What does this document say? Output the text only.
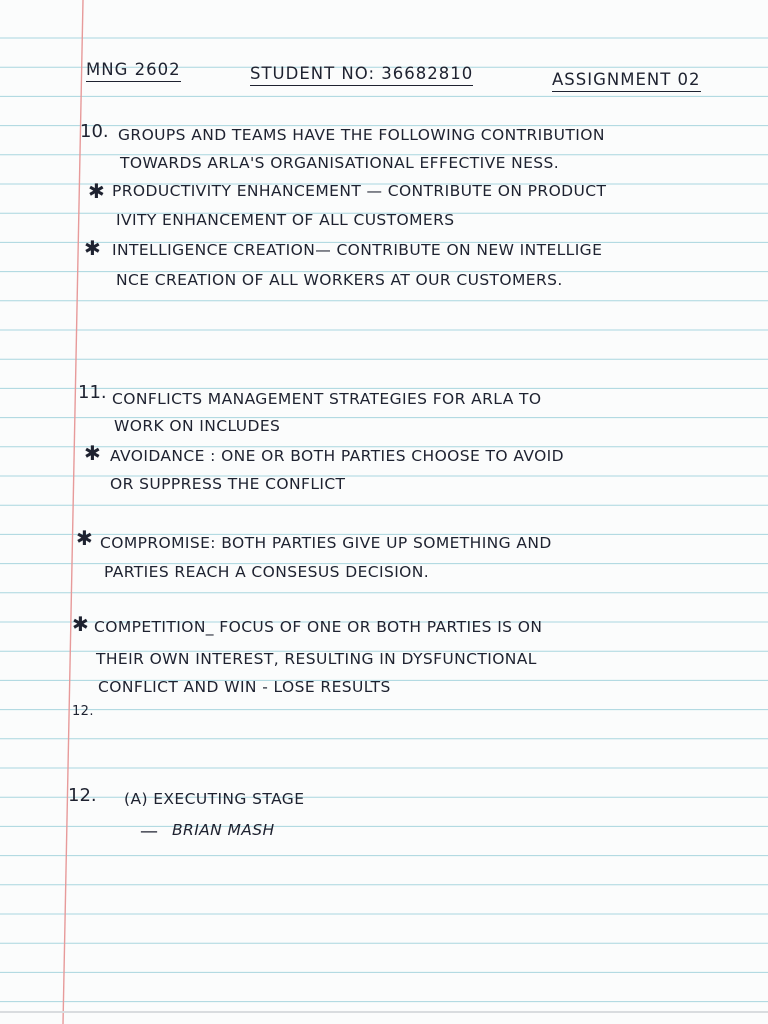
MNG 2602	STUDENT NO: 36682810	ASSIGNMENT 02
10. GROUPS AND TEAMS HAVE THE FOLLOWING CONTRIBUTION
TOWARDS ARLA'S ORGANISATIONAL EFFECTIVE NESS.
✱ PRODUCTIVITY ENHANCEMENT — CONTRIBUTE ON PRODUCT
IVITY ENHANCEMENT OF ALL CUSTOMERS
✱ INTELLIGENCE CREATION— CONTRIBUTE ON NEW INTELLIGE
NCE CREATION OF ALL WORKERS AT OUR CUSTOMERS.
11. CONFLICTS MANAGEMENT STRATEGIES FOR ARLA TO
WORK ON INCLUDES
✱ AVOIDANCE : ONE OR BOTH PARTIES CHOOSE TO AVOID
OR SUPPRESS THE CONFLICT
✱ COMPROMISE: BOTH PARTIES GIVE UP SOMETHING AND
PARTIES REACH A CONSESUS DECISION.
✱ COMPETITION_ FOCUS OF ONE OR BOTH PARTIES IS ON
THEIR OWN INTEREST, RESULTING IN DYSFUNCTIONAL
CONFLICT AND WIN - LOSE RESULTS
12.
12. (A) EXECUTING STAGE
— BRIAN MASH
